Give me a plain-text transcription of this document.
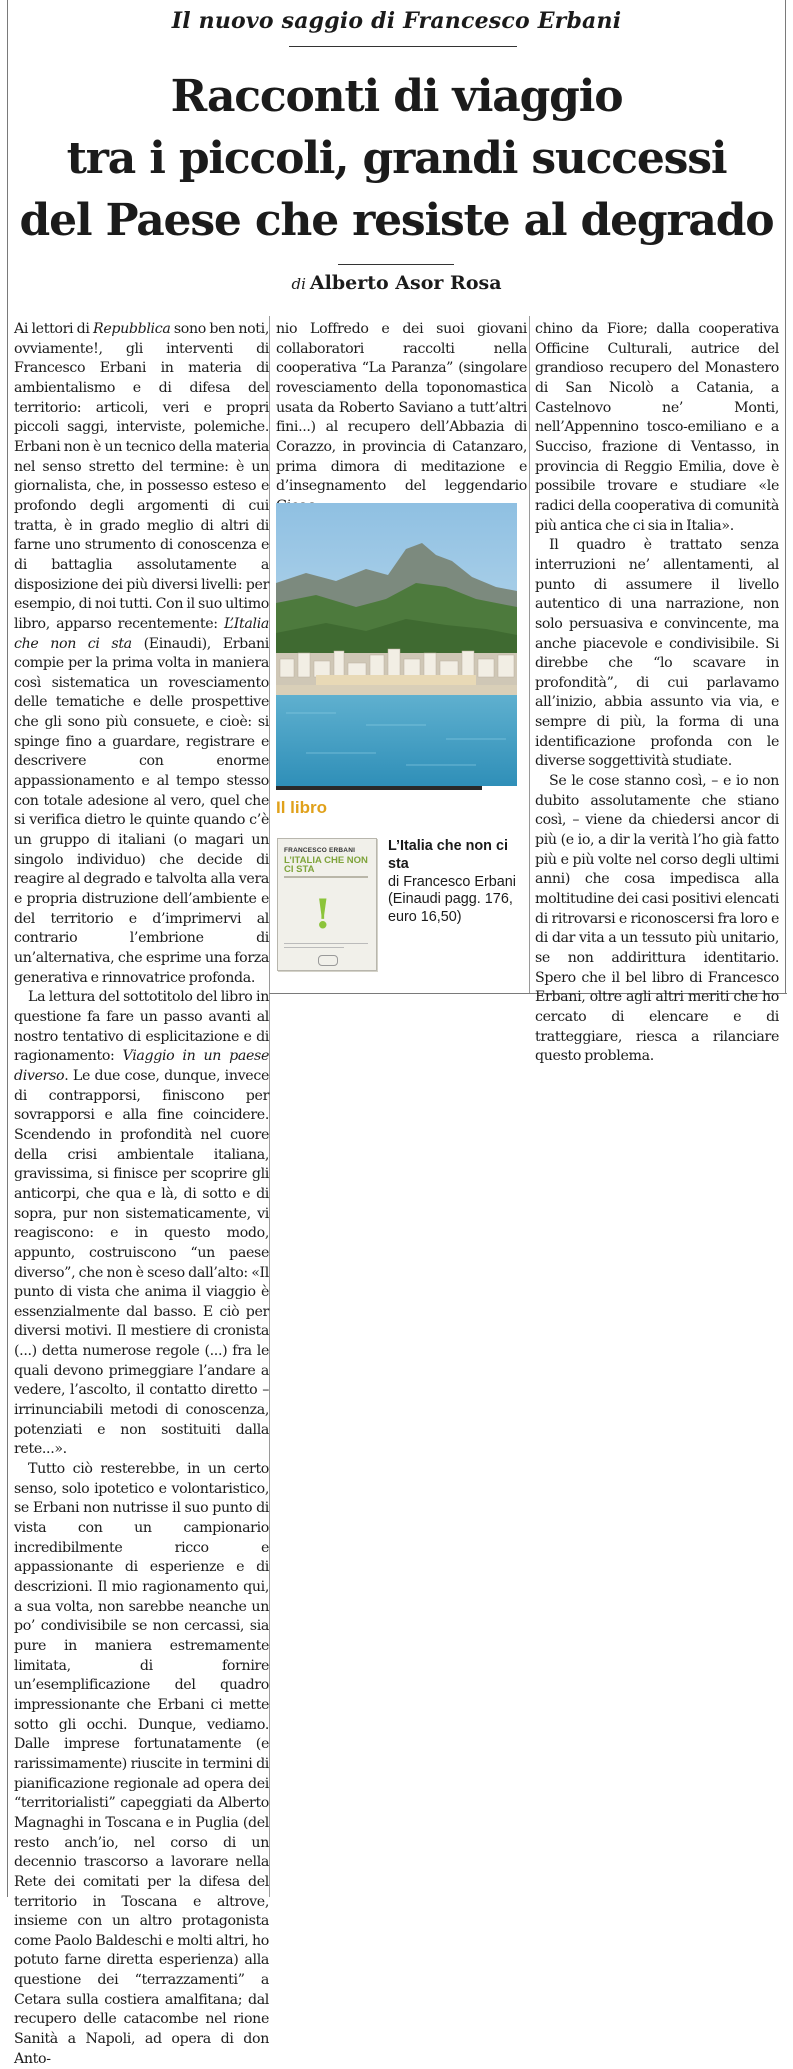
Il nuovo saggio di Francesco Erbani
Racconti di viaggio
tra i piccoli, grandi successi
del Paese che resiste al degrado
di Alberto Asor Rosa

Ai lettori di Repubblica sono ben noti, ovviamente!, gli interventi di Francesco Erbani in materia di ambientalismo e di difesa del territorio: articoli, veri e propri piccoli saggi, interviste, polemiche. Erbani non è un tecnico della materia nel senso stretto del termine: è un giornalista, che, in possesso esteso e profondo degli argomenti di cui tratta, è in grado meglio di altri di farne uno strumento di conoscenza e di battaglia assolutamente a disposizione dei più diversi livelli: per esempio, di noi tutti. Con il suo ultimo libro, apparso recentemente: L’Italia che non ci sta (Einaudi), Erbani compie per la prima volta in maniera così sistematica un rovesciamento delle tematiche e delle prospettive che gli sono più consuete, e cioè: si spinge fino a guardare, registrare e descrivere con enorme appassionamento e al tempo stesso con totale adesione al vero, quel che si verifica dietro le quinte quando c’è un gruppo di italiani (o magari un singolo individuo) che decide di reagire al degrado e talvolta alla vera e propria distruzione dell’ambiente e del territorio e d’imprimervi al contrario l’embrione di un’alternativa, che esprime una forza generativa e rinnovatrice profonda.

La lettura del sottotitolo del libro in questione fa fare un passo avanti al nostro tentativo di esplicitazione e di ragionamento: Viaggio in un paese diverso. Le due cose, dunque, invece di contrapporsi, finiscono per sovrapporsi e alla fine coincidere. Scendendo in profondità nel cuore della crisi ambientale italiana, gravissima, si finisce per scoprire gli anticorpi, che qua e là, di sotto e di sopra, pur non sistematicamente, vi reagiscono: e in questo modo, appunto, costruiscono “un paese diverso”, che non è sceso dall’alto: «Il punto di vista che anima il viaggio è essenzialmente dal basso. E ciò per diversi motivi. Il mestiere di cronista (...) detta numerose regole (...) fra le quali devono primeggiare l’andare a vedere, l’ascolto, il contatto diretto – irrinunciabili metodi di conoscenza, potenziati e non sostituiti dalla rete...».

Tutto ciò resterebbe, in un certo senso, solo ipotetico e volontaristico, se Erbani non nutrisse il suo punto di vista con un campionario incredibilmente ricco e appassionante di esperienze e di descrizioni. Il mio ragionamento qui, a sua volta, non sarebbe neanche un po’ condivisibile se non cercassi, sia pure in maniera estremamente limitata, di fornire un’esemplificazione del quadro impressionante che Erbani ci mette sotto gli occhi. Dunque, vediamo. Dalle imprese fortunatamente (e rarissimamente) riuscite in termini di pianificazione regionale ad opera dei “territorialisti” capeggiati da Alberto Magnaghi in Toscana e in Puglia (del resto anch’io, nel corso di un decennio trascorso a lavorare nella Rete dei comitati per la difesa del territorio in Toscana e altrove, insieme con un altro protagonista come Paolo Baldeschi e molti altri, ho potuto farne diretta esperienza) alla questione dei “terrazzamenti” a Cetara sulla costiera amalfitana; dal recupero delle catacombe nel rione Sanità a Napoli, ad opera di don Anto-

nio Loffredo e dei suoi giovani collaboratori raccolti nella cooperativa “La Paranza” (singolare rovesciamento della toponomastica usata da Roberto Saviano a tutt’altri fini...) al recupero dell’Abbazia di Corazzo, in provincia di Catanzaro, prima dimora di meditazione e d’insegnamento del leggendario

Il libro
FRANCESCO ERBANI
L’ITALIA CHE NON CI STA
!
L’Italia che non ci sta
di Francesco Erbani
(Einaudi pagg. 176, euro 16,50)

chino da Fiore; dalla cooperativa Officine Culturali, autrice del grandioso recupero del Monastero di San Nicolò a Catania, a Castelnovo ne’ Monti, nell’Appennino tosco-emiliano e a Succiso, frazione di Ventasso, in provincia di Reggio Emilia, dove è possibile trovare e studiare «le radici della cooperativa di comunità più antica che ci sia in Italia».

Il quadro è trattato senza interruzioni ne’ allentamenti, al punto di assumere il livello autentico di una narrazione, non solo persuasiva e convincente, ma anche piacevole e condivisibile. Si direbbe che “lo scavare in profondità”, di cui parlavamo all’inizio, abbia assunto via via, e sempre di più, la forma di una identificazione profonda con le diverse soggettività studiate.

Se le cose stanno così, – e io non dubito assolutamente che stiano così, – viene da chiedersi ancor di più (e io, a dir la verità l’ho già fatto più e più volte nel corso degli ultimi anni) che cosa impedisca alla moltitudine dei casi positivi elencati di ritrovarsi e riconoscersi fra loro e di dar vita a un tessuto più unitario, se non addirittura identitario. Spero che il bel libro di Francesco Erbani, oltre agli altri meriti che ho cercato di elencare e di tratteggiare, riesca a rilanciare questo problema.
